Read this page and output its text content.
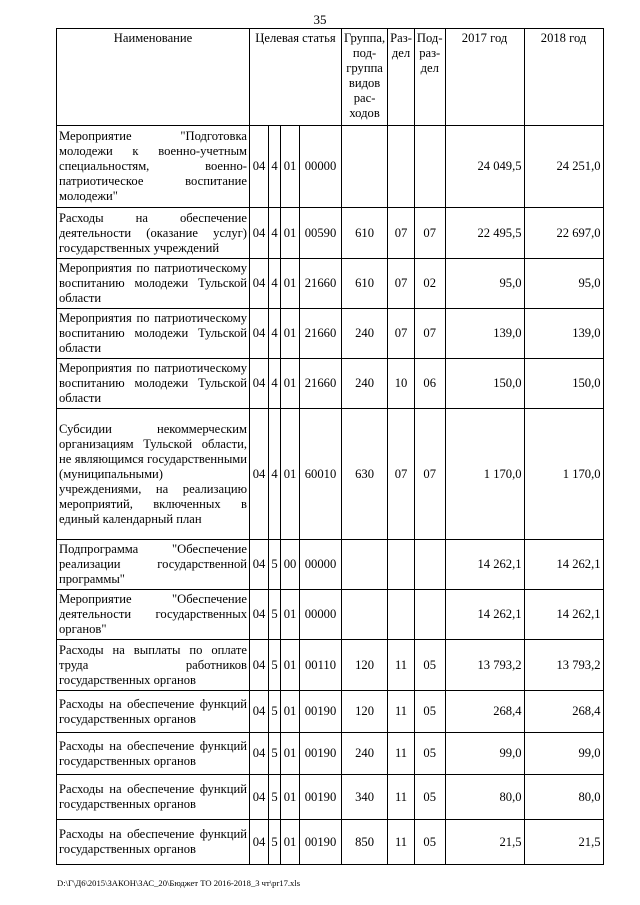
35
Наименование	Целевая статья				Группа, под-группа видов рас-ходов	Раз-дел	Под-раз-дел	2017 год	2018 год
Мероприятие "Подготовка молодежи к военно-учетным специальностям, военно-патриотическое воспитание молодежи"	04	4	01	00000				24 049,5	24 251,0
Расходы на обеспечение деятельности (оказание услуг) государственных учреждений	04	4	01	00590	610	07	07	22 495,5	22 697,0
Мероприятия по патриотическому воспитанию молодежи Тульской области	04	4	01	21660	610	07	02	95,0	95,0
Мероприятия по патриотическому воспитанию молодежи Тульской области	04	4	01	21660	240	07	07	139,0	139,0
Мероприятия по патриотическому воспитанию молодежи Тульской области	04	4	01	21660	240	10	06	150,0	150,0
Субсидии некоммерческим организациям Тульской области, не являющимся государственными (муниципальными) учреждениями, на реализацию мероприятий, включенных в единый календарный план	04	4	01	60010	630	07	07	1 170,0	1 170,0
Подпрограмма "Обеспечение реализации государственной программы"	04	5	00	00000				14 262,1	14 262,1
Мероприятие "Обеспечение деятельности государственных органов"	04	5	01	00000				14 262,1	14 262,1
Расходы на выплаты по оплате труда работников государственных органов	04	5	01	00110	120	11	05	13 793,2	13 793,2
Расходы на обеспечение функций государственных органов	04	5	01	00190	120	11	05	268,4	268,4
Расходы на обеспечение функций государственных органов	04	5	01	00190	240	11	05	99,0	99,0
Расходы на обеспечение функций государственных органов	04	5	01	00190	340	11	05	80,0	80,0
Расходы на обеспечение функций государственных органов	04	5	01	00190	850	11	05	21,5	21,5
D:\Г\Д6\2015\ЗАКОН\ЗАС_20\Бюджет ТО 2016-2018_3 чт\pr17.xls
